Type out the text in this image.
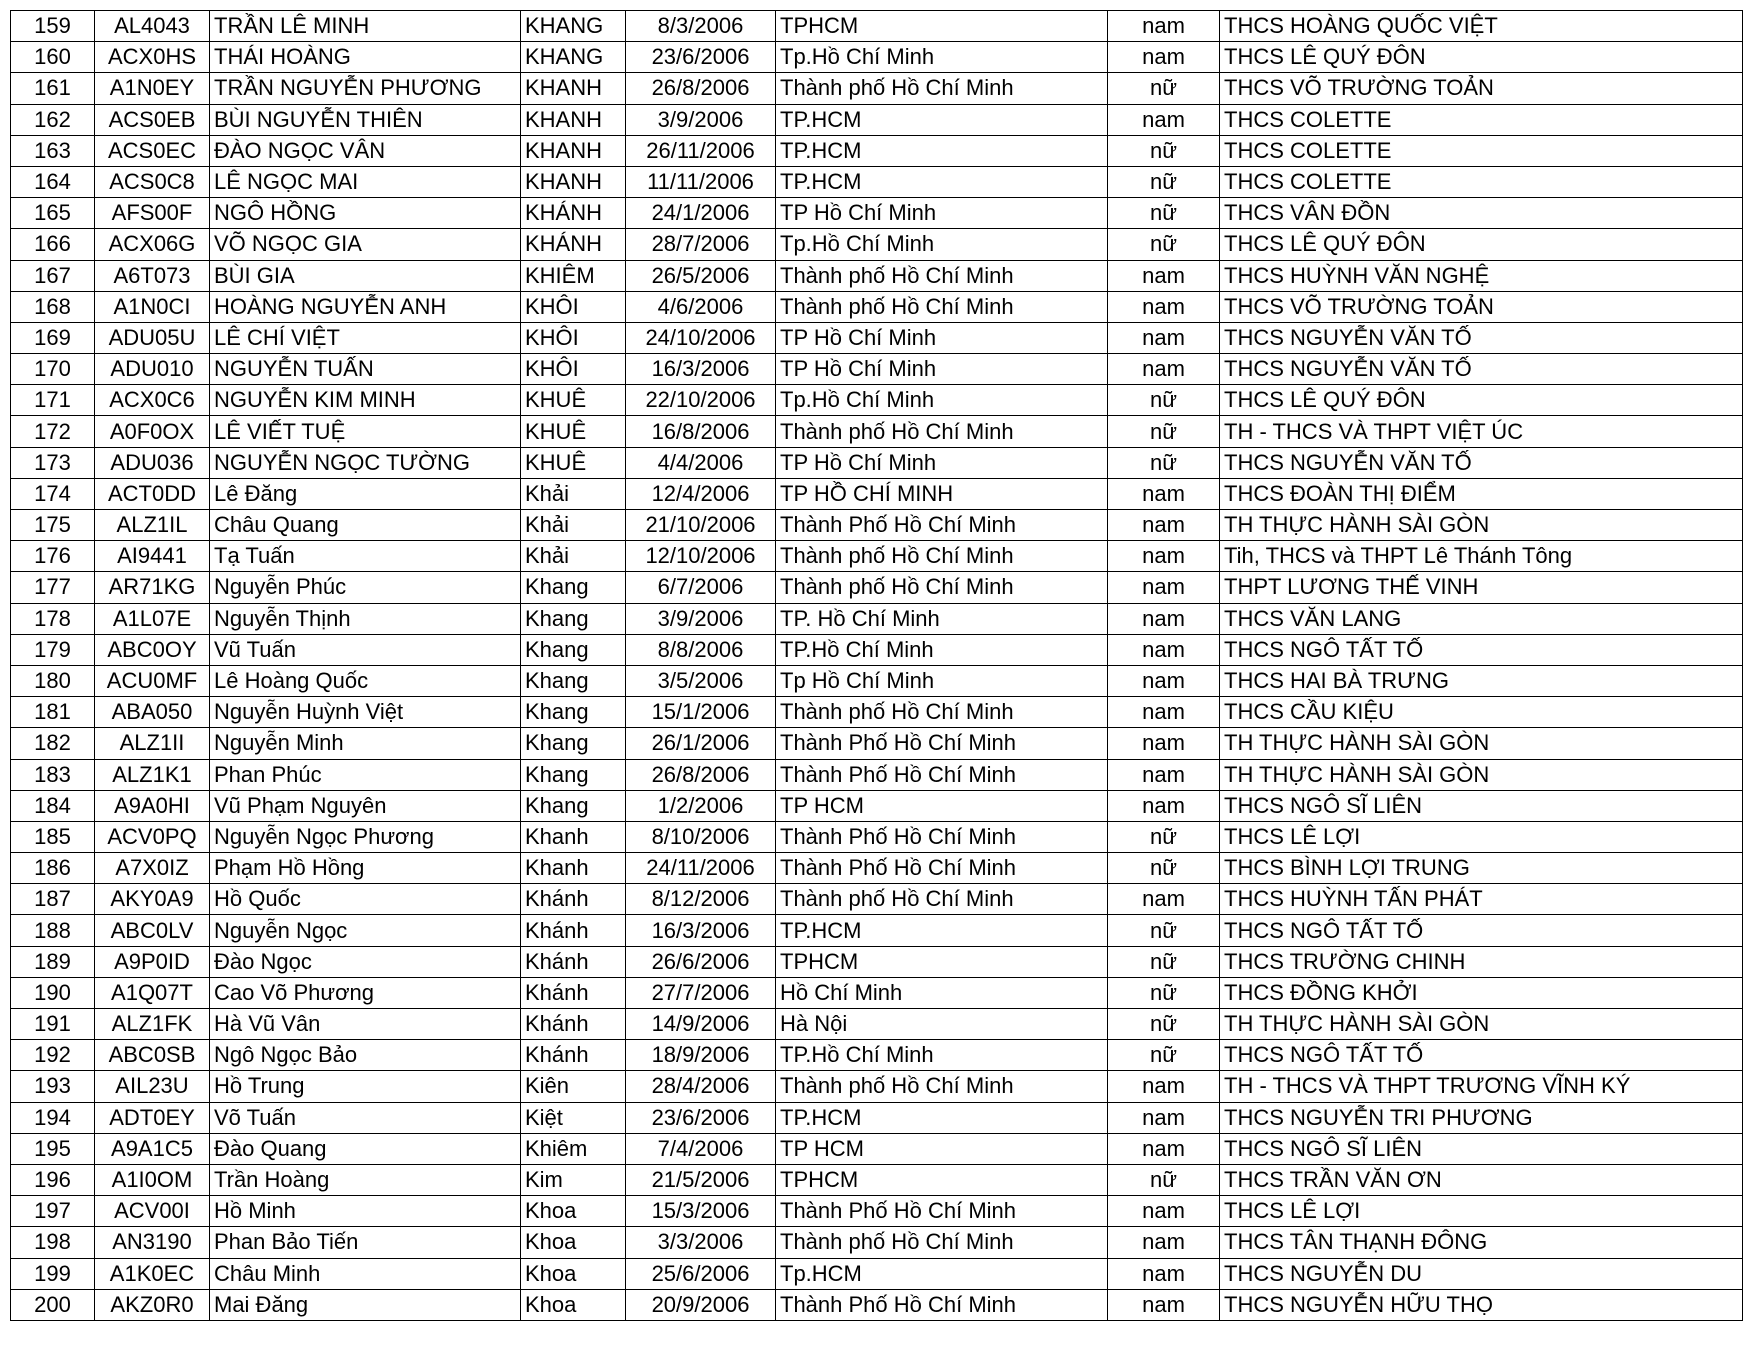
159	AL4043	TRẦN LÊ MINH	KHANG	8/3/2006	TPHCM	nam	THCS HOÀNG QUỐC VIỆT
160	ACX0HS	THÁI HOÀNG	KHANG	23/6/2006	Tp.Hồ Chí Minh	nam	THCS LÊ QUÝ ĐÔN
161	A1N0EY	TRẦN NGUYỄN PHƯƠNG	KHANH	26/8/2006	Thành phố Hồ Chí Minh	nữ	THCS VÕ TRƯỜNG TOẢN
162	ACS0EB	BÙI NGUYỄN THIÊN	KHANH	3/9/2006	TP.HCM	nam	THCS COLETTE
163	ACS0EC	ĐÀO NGỌC VÂN	KHANH	26/11/2006	TP.HCM	nữ	THCS COLETTE
164	ACS0C8	LÊ NGỌC MAI	KHANH	11/11/2006	TP.HCM	nữ	THCS COLETTE
165	AFS00F	NGÔ HỒNG	KHÁNH	24/1/2006	TP Hồ Chí Minh	nữ	THCS VÂN ĐỒN
166	ACX06G	VÕ NGỌC GIA	KHÁNH	28/7/2006	Tp.Hồ Chí Minh	nữ	THCS LÊ QUÝ ĐÔN
167	A6T073	BÙI GIA	KHIÊM	26/5/2006	Thành phố Hồ Chí Minh	nam	THCS HUỲNH VĂN NGHỆ
168	A1N0CI	HOÀNG NGUYỄN ANH	KHÔI	4/6/2006	Thành phố Hồ Chí Minh	nam	THCS VÕ TRƯỜNG TOẢN
169	ADU05U	LÊ CHÍ VIỆT	KHÔI	24/10/2006	TP Hồ Chí Minh	nam	THCS NGUYỄN VĂN TỐ
170	ADU010	NGUYỄN TUẤN	KHÔI	16/3/2006	TP Hồ Chí Minh	nam	THCS NGUYỄN VĂN TỐ
171	ACX0C6	NGUYỄN KIM MINH	KHUÊ	22/10/2006	Tp.Hồ Chí Minh	nữ	THCS LÊ QUÝ ĐÔN
172	A0F0OX	LÊ VIẾT TUỆ	KHUÊ	16/8/2006	Thành phố Hồ Chí Minh	nữ	TH - THCS VÀ THPT VIỆT ÚC
173	ADU036	NGUYỄN NGỌC TƯỜNG	KHUÊ	4/4/2006	TP Hồ Chí Minh	nữ	THCS NGUYỄN VĂN TỐ
174	ACT0DD	Lê Đăng	Khải	12/4/2006	TP HỒ CHÍ MINH	nam	THCS ĐOÀN THỊ ĐIỂM
175	ALZ1IL	Châu Quang	Khải	21/10/2006	Thành Phố Hồ Chí Minh	nam	TH THỰC HÀNH SÀI GÒN
176	AI9441	Tạ Tuấn	Khải	12/10/2006	Thành phố Hồ Chí Minh	nam	Tih, THCS và THPT Lê Thánh Tông
177	AR71KG	Nguyễn Phúc	Khang	6/7/2006	Thành phố Hồ Chí Minh	nam	THPT LƯƠNG THẾ VINH
178	A1L07E	Nguyễn Thịnh	Khang	3/9/2006	TP. Hồ Chí Minh	nam	THCS VĂN LANG
179	ABC0OY	Vũ Tuấn	Khang	8/8/2006	TP.Hồ Chí Minh	nam	THCS NGÔ TẤT TỐ
180	ACU0MF	Lê Hoàng Quốc	Khang	3/5/2006	Tp Hồ Chí Minh	nam	THCS HAI BÀ TRƯNG
181	ABA050	Nguyễn Huỳnh Việt	Khang	15/1/2006	Thành phố Hồ Chí Minh	nam	THCS CẦU KIỆU
182	ALZ1II	Nguyễn Minh	Khang	26/1/2006	Thành Phố Hồ Chí Minh	nam	TH THỰC HÀNH SÀI GÒN
183	ALZ1K1	Phan Phúc	Khang	26/8/2006	Thành Phố Hồ Chí Minh	nam	TH THỰC HÀNH SÀI GÒN
184	A9A0HI	Vũ Phạm Nguyên	Khang	1/2/2006	TP HCM	nam	THCS NGÔ SĨ LIÊN
185	ACV0PQ	Nguyễn Ngọc Phương	Khanh	8/10/2006	Thành Phố Hồ Chí Minh	nữ	THCS LÊ LỢI
186	A7X0IZ	Phạm Hồ Hồng	Khanh	24/11/2006	Thành Phố Hồ Chí Minh	nữ	THCS BÌNH LỢI TRUNG
187	AKY0A9	Hồ Quốc	Khánh	8/12/2006	Thành phố Hồ Chí Minh	nam	THCS HUỲNH TẤN PHÁT
188	ABC0LV	Nguyễn Ngọc	Khánh	16/3/2006	TP.HCM	nữ	THCS NGÔ TẤT TỐ
189	A9P0ID	Đào Ngọc	Khánh	26/6/2006	TPHCM	nữ	THCS TRƯỜNG CHINH
190	A1Q07T	Cao Võ Phương	Khánh	27/7/2006	Hồ Chí Minh	nữ	THCS ĐỒNG KHỞI
191	ALZ1FK	Hà Vũ Vân	Khánh	14/9/2006	Hà Nội	nữ	TH THỰC HÀNH SÀI GÒN
192	ABC0SB	Ngô Ngọc Bảo	Khánh	18/9/2006	TP.Hồ Chí Minh	nữ	THCS NGÔ TẤT TỐ
193	AIL23U	Hồ Trung	Kiên	28/4/2006	Thành phố Hồ Chí Minh	nam	TH - THCS VÀ THPT TRƯƠNG VĨNH KÝ
194	ADT0EY	Võ Tuấn	Kiệt	23/6/2006	TP.HCM	nam	THCS NGUYỄN TRI PHƯƠNG
195	A9A1C5	Đào Quang	Khiêm	7/4/2006	TP HCM	nam	THCS NGÔ SĨ LIÊN
196	A1I0OM	Trần Hoàng	Kim	21/5/2006	TPHCM	nữ	THCS TRẦN VĂN ƠN
197	ACV00I	Hồ Minh	Khoa	15/3/2006	Thành Phố Hồ Chí Minh	nam	THCS LÊ LỢI
198	AN3190	Phan Bảo Tiến	Khoa	3/3/2006	Thành phố Hồ Chí Minh	nam	THCS TÂN THẠNH ĐÔNG
199	A1K0EC	Châu Minh	Khoa	25/6/2006	Tp.HCM	nam	THCS NGUYỄN DU
200	AKZ0R0	Mai Đăng	Khoa	20/9/2006	Thành Phố Hồ Chí Minh	nam	THCS NGUYỄN HỮU THỌ
